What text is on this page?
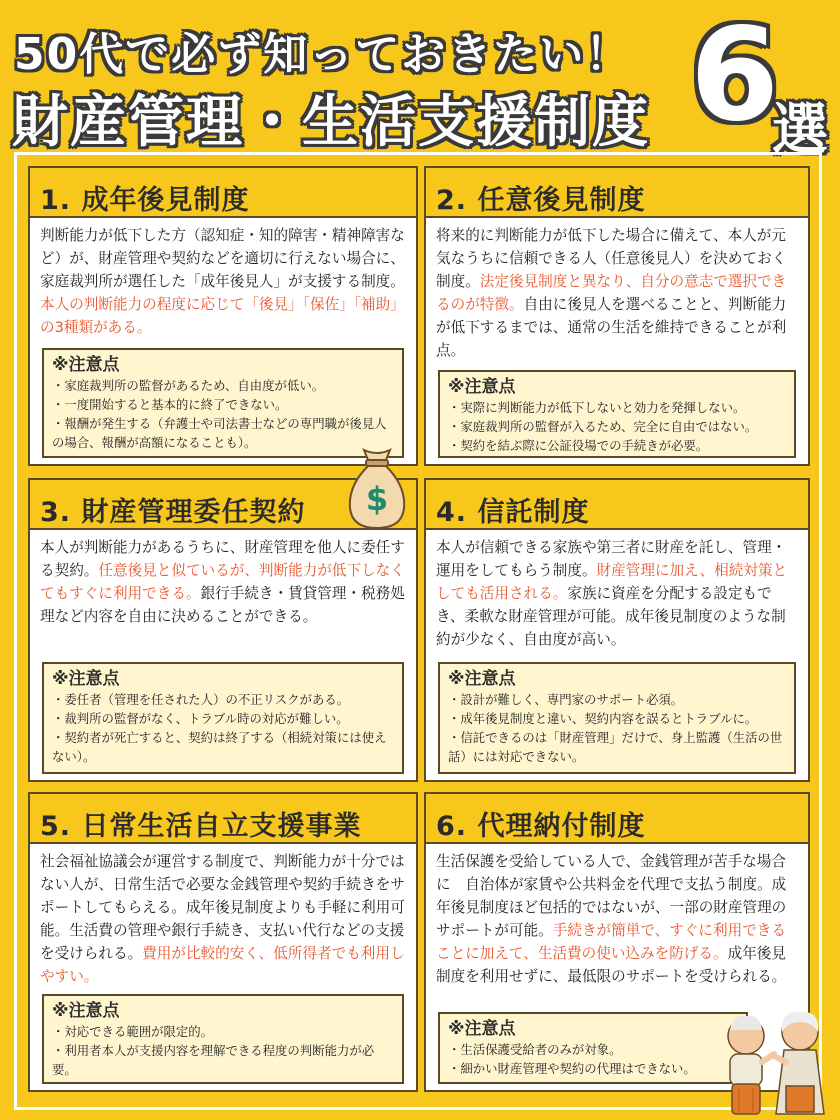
50代で必ず知っておきたい！
財産管理・生活支援制度 6
選
1. 成年後見制度
判断能力が低下した方（認知症・知的障害・精神障害など）が、財産管理や契約などを適切に行えない場合に、家庭裁判所が選任した「成年後見人」が支援する制度。本人の判断能力の程度に応じて「後見」「保佐」「補助」の3種類がある。
※注意点
・家庭裁判所の監督があるため、自由度が低い。
・一度開始すると基本的に終了できない。
・報酬が発生する（弁護士や司法書士などの専門職が後見人の場合、報酬が高額になることも）。
2. 任意後見制度
将来的に判断能力が低下した場合に備えて、本人が元気なうちに信頼できる人（任意後見人）を決めておく制度。法定後見制度と異なり、自分の意志で選択できるのが特徴。自由に後見人を選べることと、判断能力が低下するまでは、通常の生活を維持できることが利点。
※注意点
・実際に判断能力が低下しないと効力を発揮しない。
・家庭裁判所の監督が入るため、完全に自由ではない。
・契約を結ぶ際に公証役場での手続きが必要。
3. 財産管理委任契約
本人が判断能力があるうちに、財産管理を他人に委任する契約。任意後見と似ているが、判断能力が低下しなくてもすぐに利用できる。銀行手続き・賃貸管理・税務処理など内容を自由に決めることができる。
※注意点
・委任者（管理を任された人）の不正リスクがある。
・裁判所の監督がなく、トラブル時の対応が難しい。
・契約者が死亡すると、契約は終了する（相続対策には使えない）。
4. 信託制度
本人が信頼できる家族や第三者に財産を託し、管理・運用をしてもらう制度。財産管理に加え、相続対策としても活用される。家族に資産を分配する設定もでき、柔軟な財産管理が可能。成年後見制度のような制約が少なく、自由度が高い。
※注意点
・設計が難しく、専門家のサポート必須。
・成年後見制度と違い、契約内容を誤るとトラブルに。
・信託できるのは「財産管理」だけで、身上監護（生活の世話）には対応できない。
5. 日常生活自立支援事業
社会福祉協議会が運営する制度で、判断能力が十分ではない人が、日常生活で必要な金銭管理や契約手続きをサポートしてもらえる。成年後見制度よりも手軽に利用可能。生活費の管理や銀行手続き、支払い代行などの支援を受けられる。費用が比較的安く、低所得者でも利用しやすい。
※注意点
・対応できる範囲が限定的。
・利用者本人が支援内容を理解できる程度の判断能力が必要。
6. 代理納付制度
生活保護を受給している人で、金銭管理が苦手な場合に　自治体が家賃や公共料金を代理で支払う制度。成年後見制度ほど包括的ではないが、一部の財産管理のサポートが可能。手続きが簡単で、すぐに利用できることに加えて、生活費の使い込みを防げる。成年後見制度を利用せずに、最低限のサポートを受けられる。
※注意点
・生活保護受給者のみが対象。
・細かい財産管理や契約の代理はできない。
$
